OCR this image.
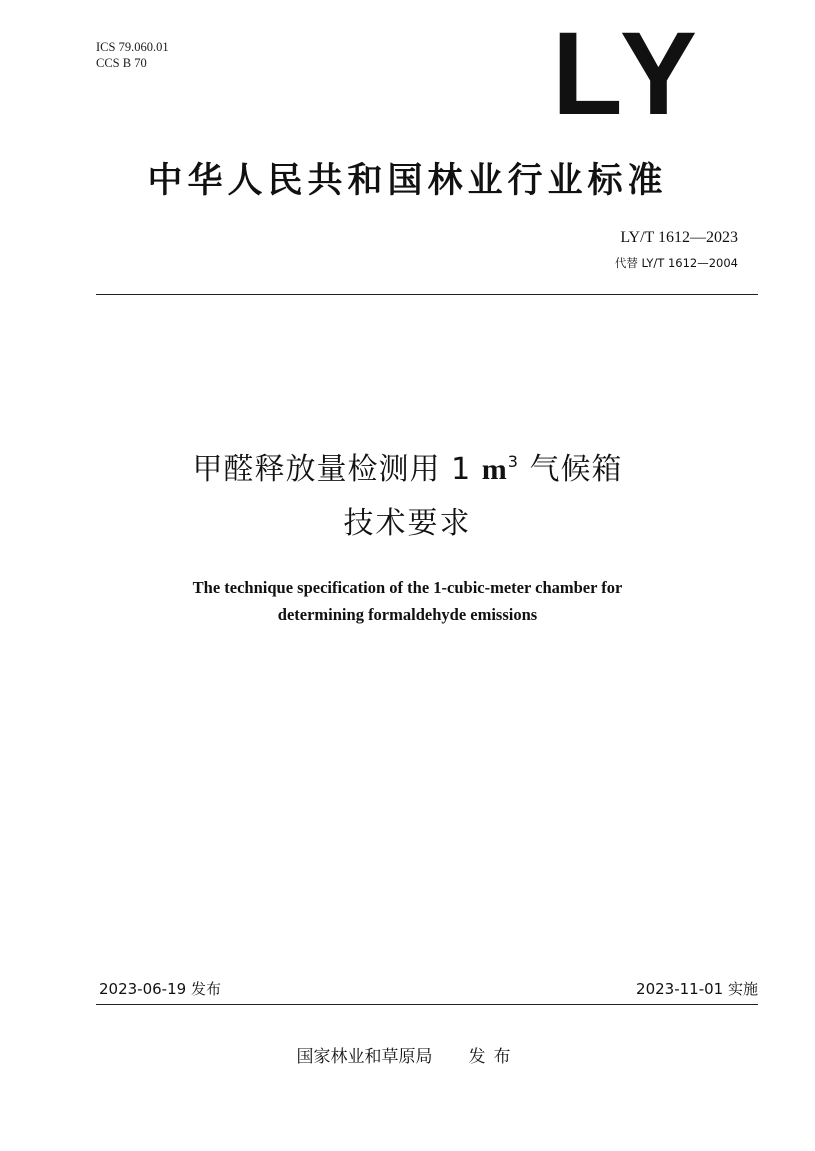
ICS 79.060.01
CCS B 70	LY
中华人民共和国林业行业标准
LY/T 1612—2023
代替 LY/T 1612—2004
甲醛释放量检测用 1 $m^3$ 气候箱
技术要求
The technique specification of the 1-cubic-meter chamber for
determining formaldehyde emissions
2023-06-19 发布	2023-11-01 实施
国家林业和草原局 发布
